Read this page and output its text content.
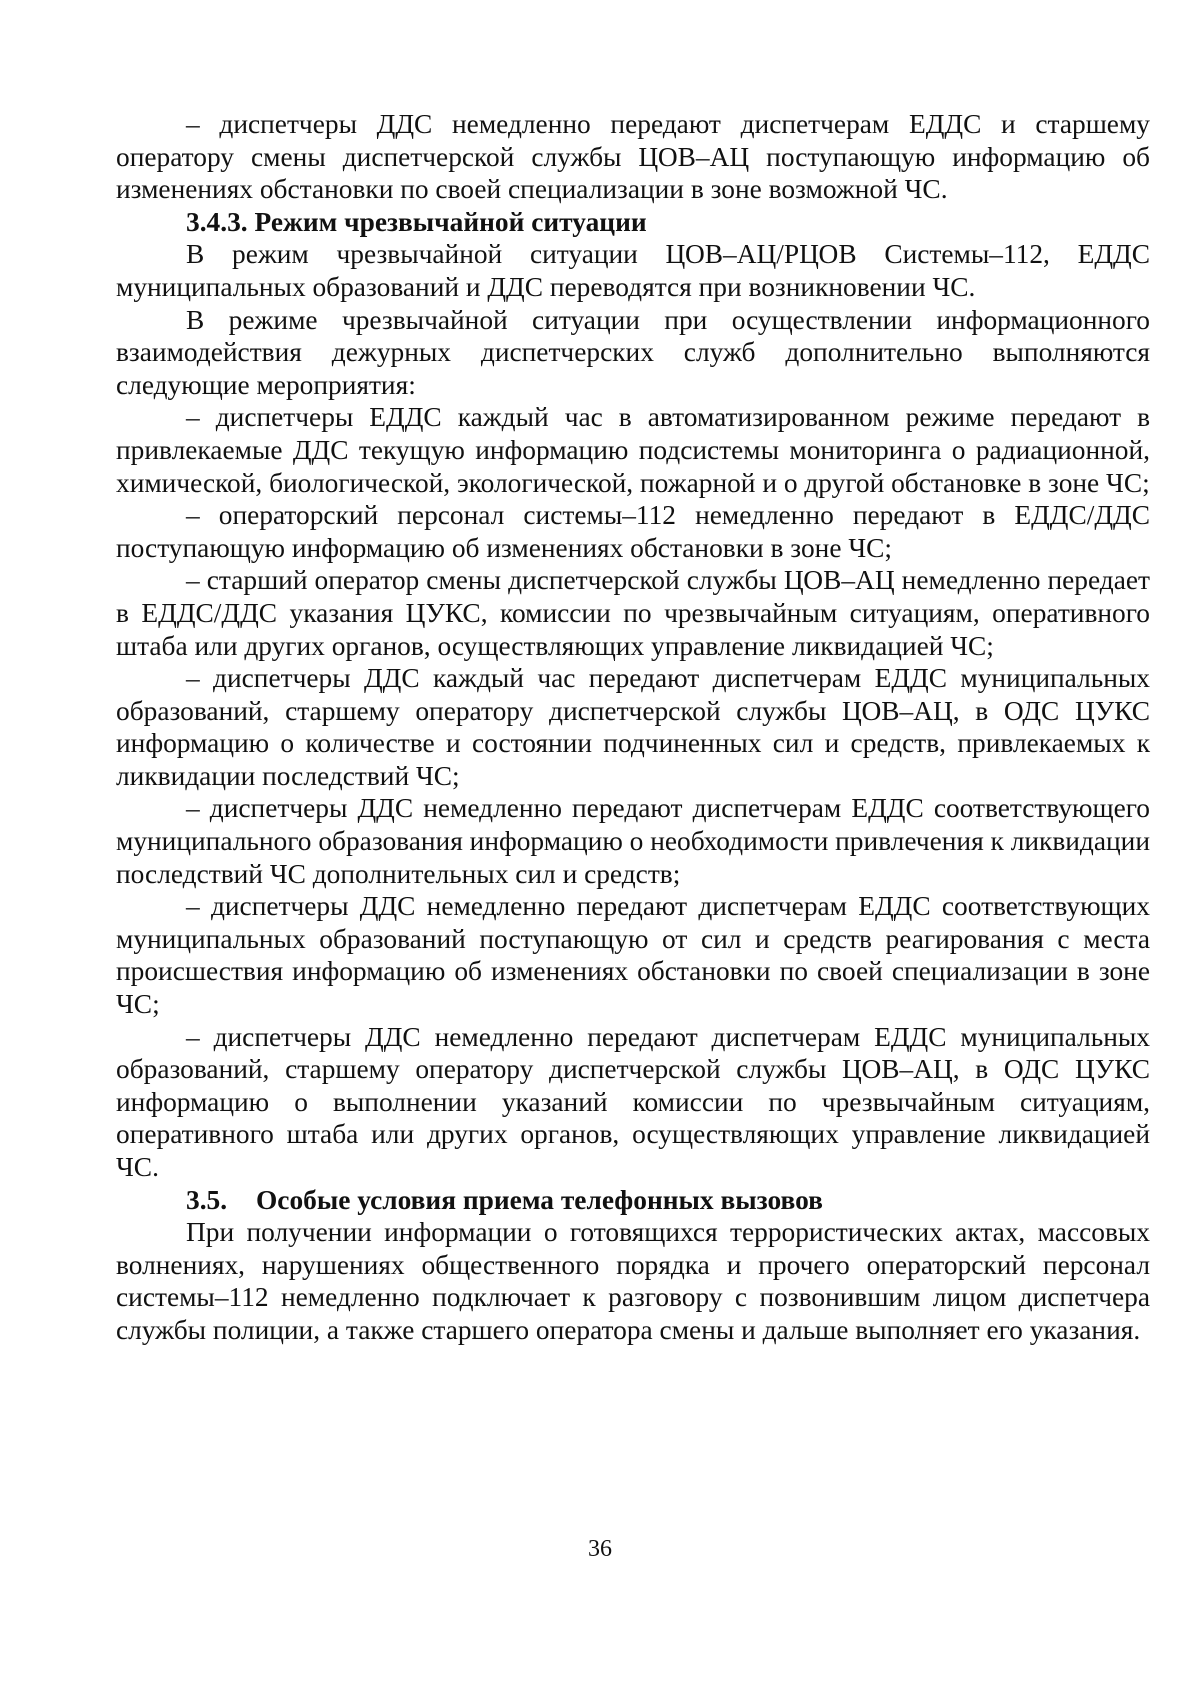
– диспетчеры ДДС немедленно передают диспетчерам ЕДДС и старшему оператору смены диспетчерской службы ЦОВ–АЦ поступающую информацию об изменениях обстановки по своей специализации в зоне возможной ЧС.

3.4.3. Режим чрезвычайной ситуации

В режим чрезвычайной ситуации ЦОВ–АЦ/РЦОВ Системы–112, ЕДДС муниципальных образований и ДДС переводятся при возникновении ЧС.

В режиме чрезвычайной ситуации при осуществлении информационного взаимодействия дежурных диспетчерских служб дополнительно выполняются следующие мероприятия:

– диспетчеры ЕДДС каждый час в автоматизированном режиме передают в привлекаемые ДДС текущую информацию подсистемы мониторинга о радиационной, химической, биологической, экологической, пожарной и о другой обстановке в зоне ЧС;

– операторский персонал системы–112 немедленно передают в ЕДДС/ДДС поступающую информацию об изменениях обстановки в зоне ЧС;

– старший оператор смены диспетчерской службы ЦОВ–АЦ немедленно передает в ЕДДС/ДДС указания ЦУКС, комиссии по чрезвычайным ситуациям, оперативного штаба или других органов, осуществляющих управление ликвидацией ЧС;

– диспетчеры ДДС каждый час передают диспетчерам ЕДДС муниципальных образований, старшему оператору диспетчерской службы ЦОВ–АЦ, в ОДС ЦУКС информацию о количестве и состоянии подчиненных сил и средств, привлекаемых к ликвидации последствий ЧС;

– диспетчеры ДДС немедленно передают диспетчерам ЕДДС соответствующего муниципального образования информацию о необходимости привлечения к ликвидации последствий ЧС дополнительных сил и средств;

– диспетчеры ДДС немедленно передают диспетчерам ЕДДС соответствующих муниципальных образований поступающую от сил и средств реагирования с места происшествия информацию об изменениях обстановки по своей специализации в зоне ЧС;

– диспетчеры ДДС немедленно передают диспетчерам ЕДДС муниципальных образований, старшему оператору диспетчерской службы ЦОВ–АЦ, в ОДС ЦУКС информацию о выполнении указаний комиссии по чрезвычайным ситуациям, оперативного штаба или других органов, осуществляющих управление ликвидацией ЧС.

3.5. Особые условия приема телефонных вызовов

При получении информации о готовящихся террористических актах, массовых волнениях, нарушениях общественного порядка и прочего операторский персонал системы–112 немедленно подключает к разговору с позвонившим лицом диспетчера службы полиции, а также старшего оператора смены и дальше выполняет его указания.

36
